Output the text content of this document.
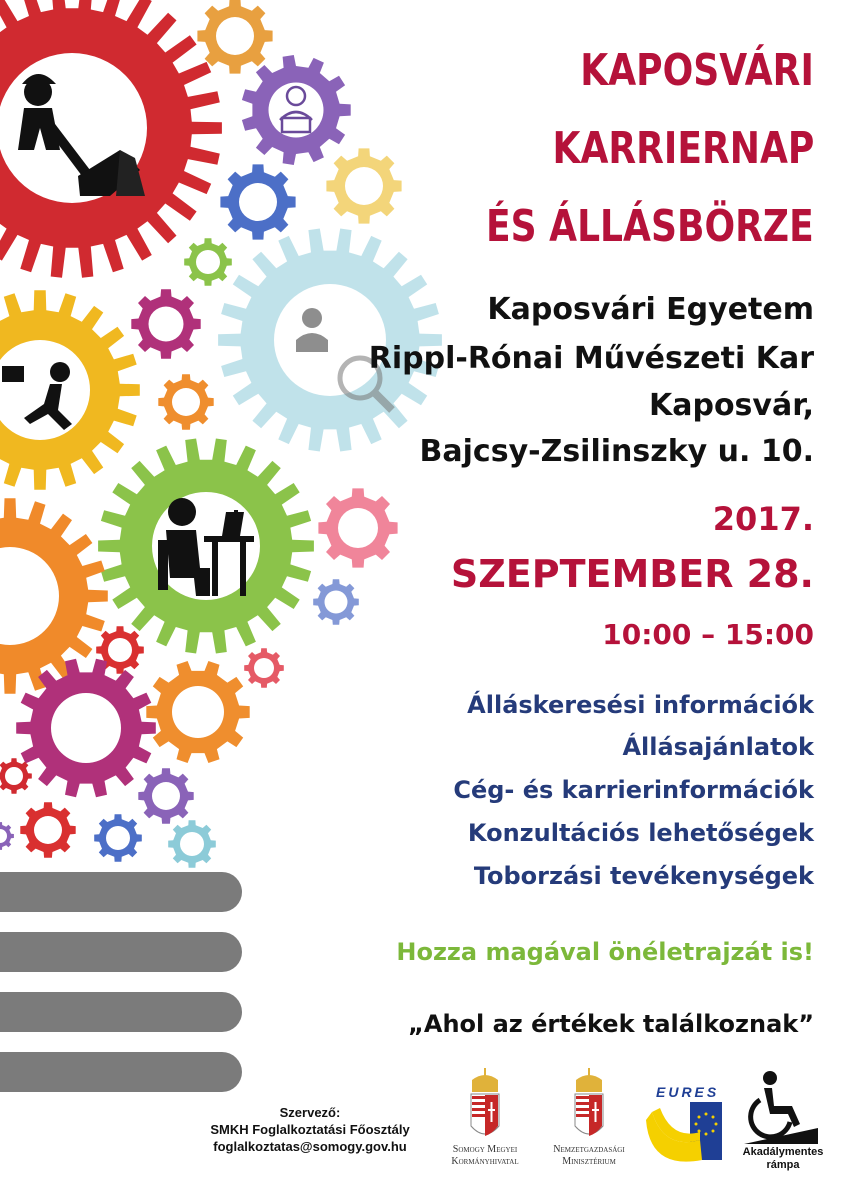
KAPOSVÁRI
KARRIERNAP
ÉS ÁLLÁSBÖRZE
Kaposvári Egyetem
Rippl-Rónai Művészeti Kar
Kaposvár,
Bajcsy-Zsilinszky u. 10.
2017.
SZEPTEMBER 28.
10:00 – 15:00
Álláskeresési információk
Állásajánlatok
Cég- és karrierinformációk
Konzultációs lehetőségek
Toborzási tevékenységek
Hozza magával önéletrajzát is!
„Ahol az értékek találkoznak”
Szervező:
SMKH Foglalkoztatási Főosztály
foglalkoztatas@somogy.gov.hu	Somogy Megyei
Kormányhivatal
Nemzetgazdasági
Minisztérium
EURES
Akadálymentes
rámpa
